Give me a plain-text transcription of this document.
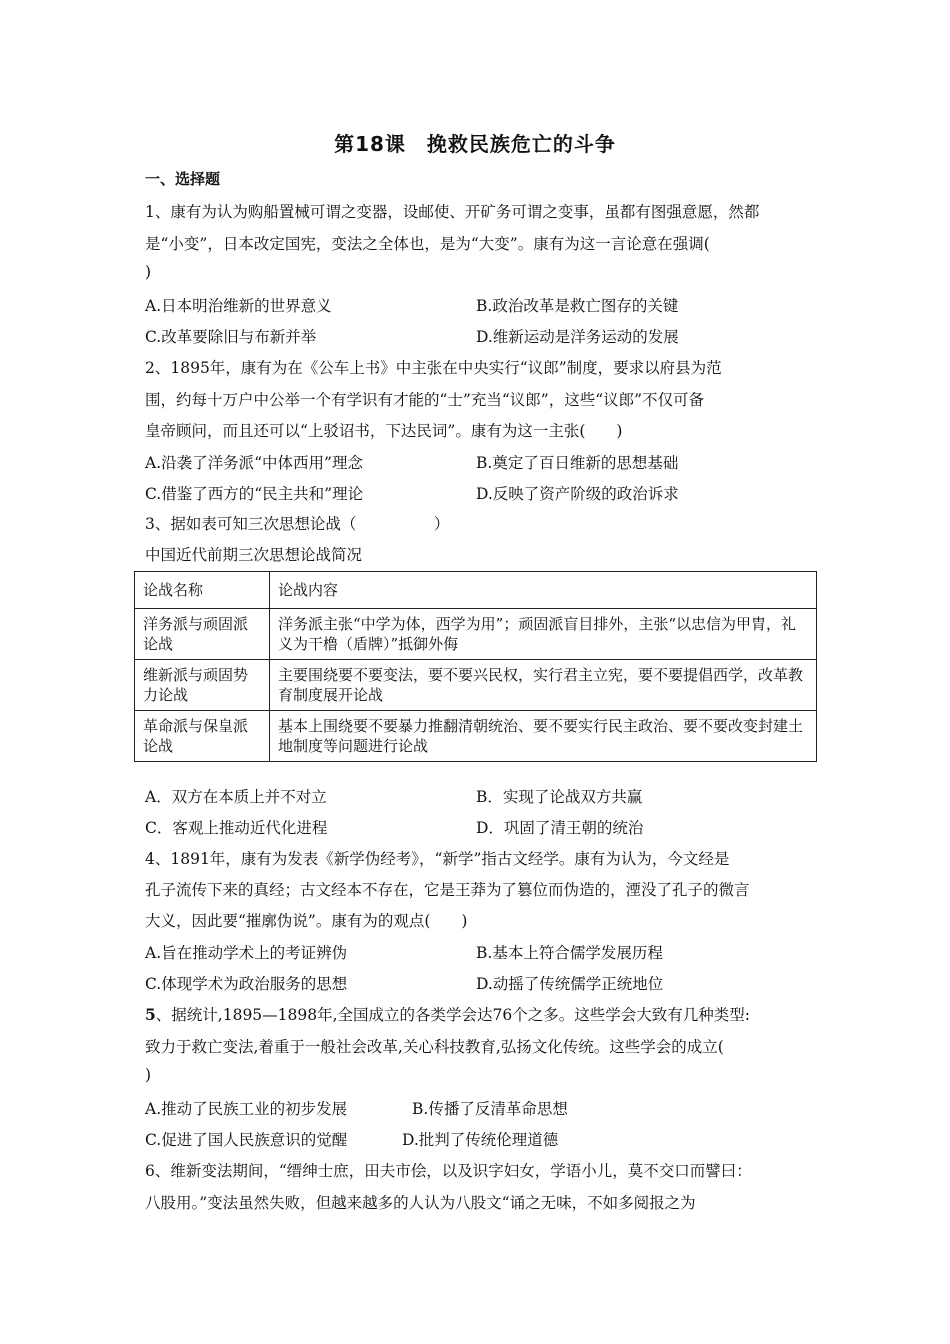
第18课　挽救民族危亡的斗争
一、选择题
1、康有为认为购船置械可谓之变器，设邮使、开矿务可谓之变事，虽都有图强意愿，然都
是“小变”，日本改定国宪，变法之全体也，是为“大变”。康有为这一言论意在强调(
)
A.日本明治维新的世界意义	B.政治改革是救亡图存的关键
C.改革要除旧与布新并举	D.维新运动是洋务运动的发展
2、1895年，康有为在《公车上书》中主张在中央实行“议郎”制度，要求以府县为范
围，约每十万户中公举一个有学识有才能的“士”充当“议郎”，这些“议郎”不仅可备
皇帝顾问，而且还可以“上驳诏书，下达民词”。康有为这一主张(　　)
A.沿袭了洋务派“中体西用”理念	B.奠定了百日维新的思想基础
C.借鉴了西方的“民主共和”理论	D.反映了资产阶级的政治诉求
3、据如表可知三次思想论战（　　　　　）
中国近代前期三次思想论战简况
论战名称	论战内容
洋务派与顽固派论战	洋务派主张“中学为体，西学为用”；顽固派盲目排外，主张“以忠信为甲胄，礼义为干橹（盾牌）”抵御外侮
维新派与顽固势力论战	主要围绕要不要变法，要不要兴民权，实行君主立宪，要不要提倡西学，改革教育制度展开论战
革命派与保皇派论战	基本上围绕要不要暴力推翻清朝统治、要不要实行民主政治、要不要改变封建土地制度等问题进行论战
A．双方在本质上并不对立	B．实现了论战双方共赢
C．客观上推动近代化进程	D．巩固了清王朝的统治
4、1891年，康有为发表《新学伪经考》，“新学”指古文经学。康有为认为，今文经是
孔子流传下来的真经；古文经本不存在，它是王莽为了篡位而伪造的，湮没了孔子的微言
大义，因此要“摧廓伪说”。康有为的观点(　　)
A.旨在推动学术上的考证辨伪	B.基本上符合儒学发展历程
C.体现学术为政治服务的思想	D.动摇了传统儒学正统地位
5、据统计,1895—1898年,全国成立的各类学会达76个之多。这些学会大致有几种类型:
致力于救亡变法,着重于一般社会改革,关心科技教育,弘扬文化传统。这些学会的成立(
)
A.推动了民族工业的初步发展	B.传播了反清革命思想
C.促进了国人民族意识的觉醒	D.批判了传统伦理道德
6、维新变法期间，“缙绅士庶，田夫市侩，以及识字妇女，学语小儿，莫不交口而譬曰：
八股用。”变法虽然失败，但越来越多的人认为八股文“诵之无味，不如多阅报之为
